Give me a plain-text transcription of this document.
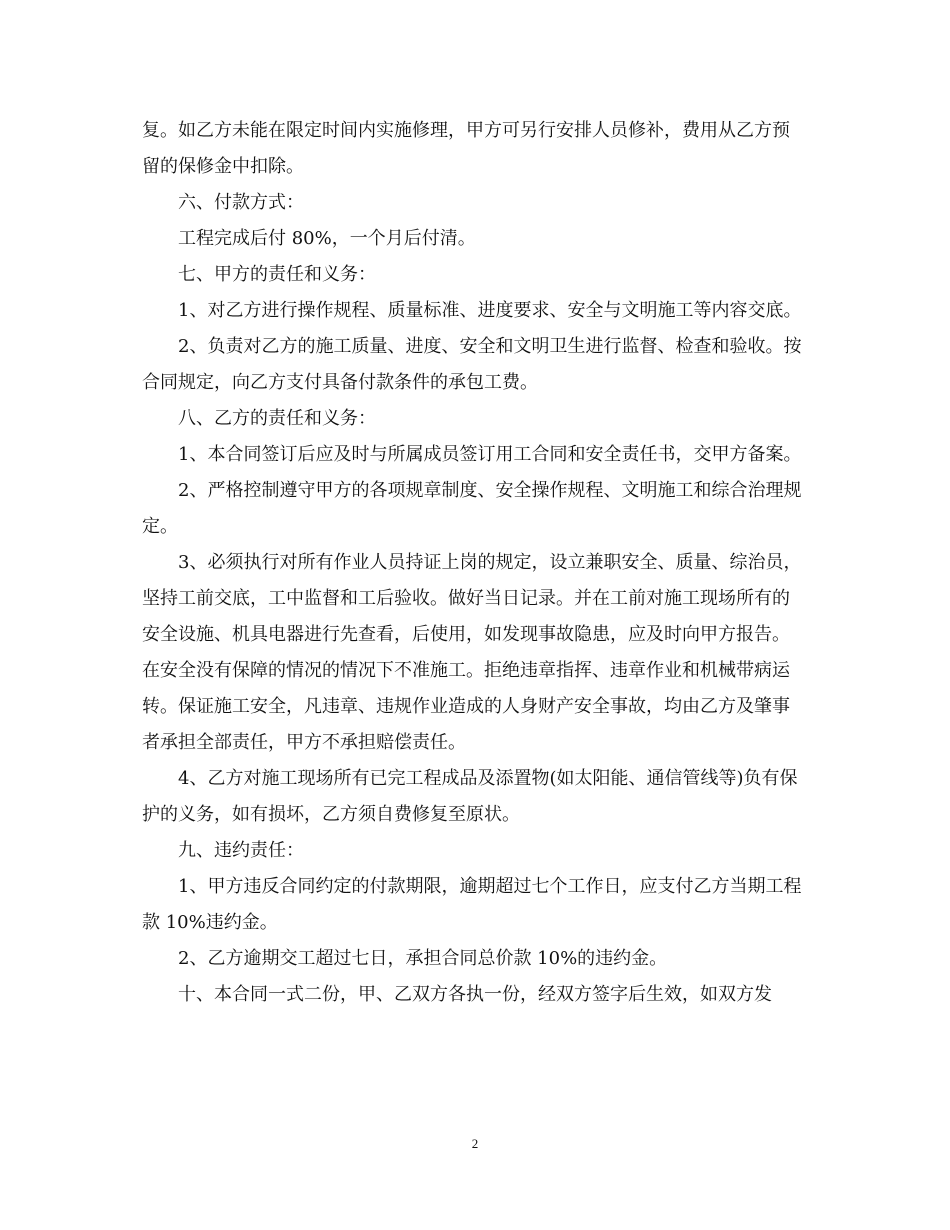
复。如乙方未能在限定时间内实施修理，甲方可另行安排人员修补，费用从乙方预留的保修金中扣除。

六、付款方式：

工程完成后付 80%，一个月后付清。

七、甲方的责任和义务：

1、对乙方进行操作规程、质量标准、进度要求、安全与文明施工等内容交底。

2、负责对乙方的施工质量、进度、安全和文明卫生进行监督、检查和验收。按合同规定，向乙方支付具备付款条件的承包工费。

八、乙方的责任和义务：

1、本合同签订后应及时与所属成员签订用工合同和安全责任书，交甲方备案。

2、严格控制遵守甲方的各项规章制度、安全操作规程、文明施工和综合治理规定。

3、必须执行对所有作业人员持证上岗的规定，设立兼职安全、质量、综治员，坚持工前交底，工中监督和工后验收。做好当日记录。并在工前对施工现场所有的安全设施、机具电器进行先查看，后使用，如发现事故隐患，应及时向甲方报告。在安全没有保障的情况的情况下不准施工。拒绝违章指挥、违章作业和机械带病运转。保证施工安全，凡违章、违规作业造成的人身财产安全事故，均由乙方及肇事者承担全部责任，甲方不承担赔偿责任。

4、乙方对施工现场所有已完工程成品及添置物(如太阳能、通信管线等)负有保护的义务，如有损坏，乙方须自费修复至原状。

九、违约责任：

1、甲方违反合同约定的付款期限，逾期超过七个工作日，应支付乙方当期工程款 10%违约金。

2、乙方逾期交工超过七日，承担合同总价款 10%的违约金。

十、本合同一式二份，甲、乙双方各执一份，经双方签字后生效，如双方发

2
